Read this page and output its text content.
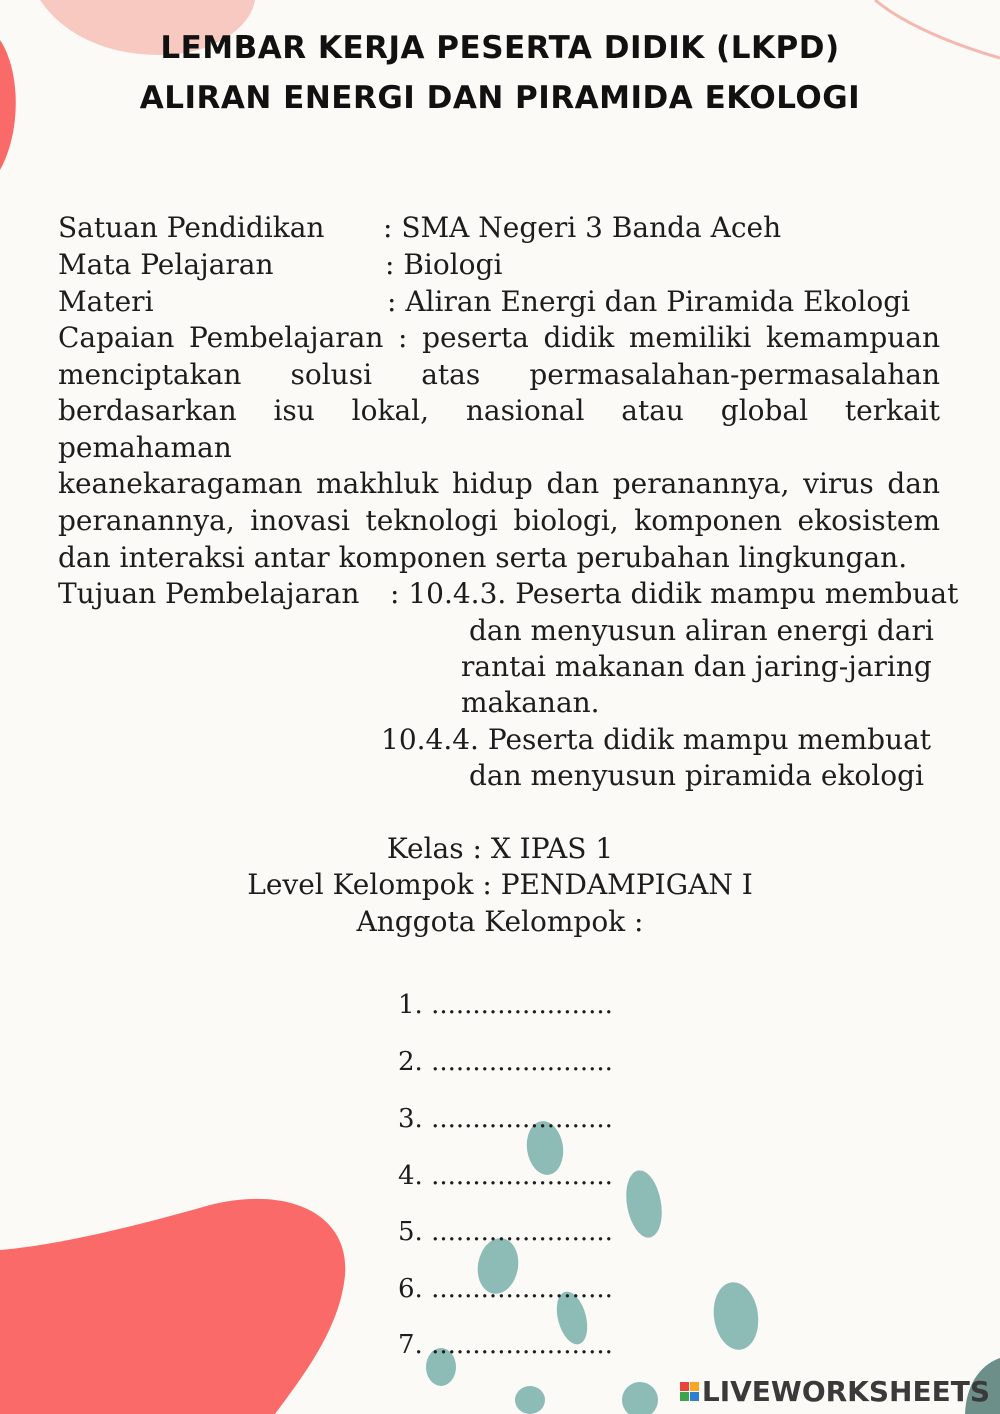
LEMBAR KERJA PESERTA DIDIK (LKPD)
ALIRAN ENERGI DAN PIRAMIDA EKOLOGI
Satuan Pendidikan : SMA Negeri 3 Banda Aceh
Mata Pelajaran	: Biologi
Materi	: Aliran Energi dan Piramida Ekologi
Capaian Pembelajaran : peserta didik memiliki kemampuan
menciptakan solusi atas permasalahan-permasalahan
berdasarkan isu lokal, nasional atau global terkait pemahaman
keanekaragaman makhluk hidup dan peranannya, virus dan
peranannya, inovasi teknologi biologi, komponen ekosistem
dan interaksi antar komponen serta perubahan lingkungan.
Tujuan Pembelajaran : 10.4.3. Peserta didik mampu membuat
dan menyusun aliran energi dari
rantai makanan dan jaring-jaring
makanan.
10.4.4. Peserta didik mampu membuat
dan menyusun piramida ekologi
Kelas : X IPAS 1
Level Kelompok : PENDAMPIGAN I
Anggota Kelompok :
1. ......................
2. ......................
3. ......................
4. ......................
5. ......................
6. ......................
7. ......................
LIVEWORKSHEETS
